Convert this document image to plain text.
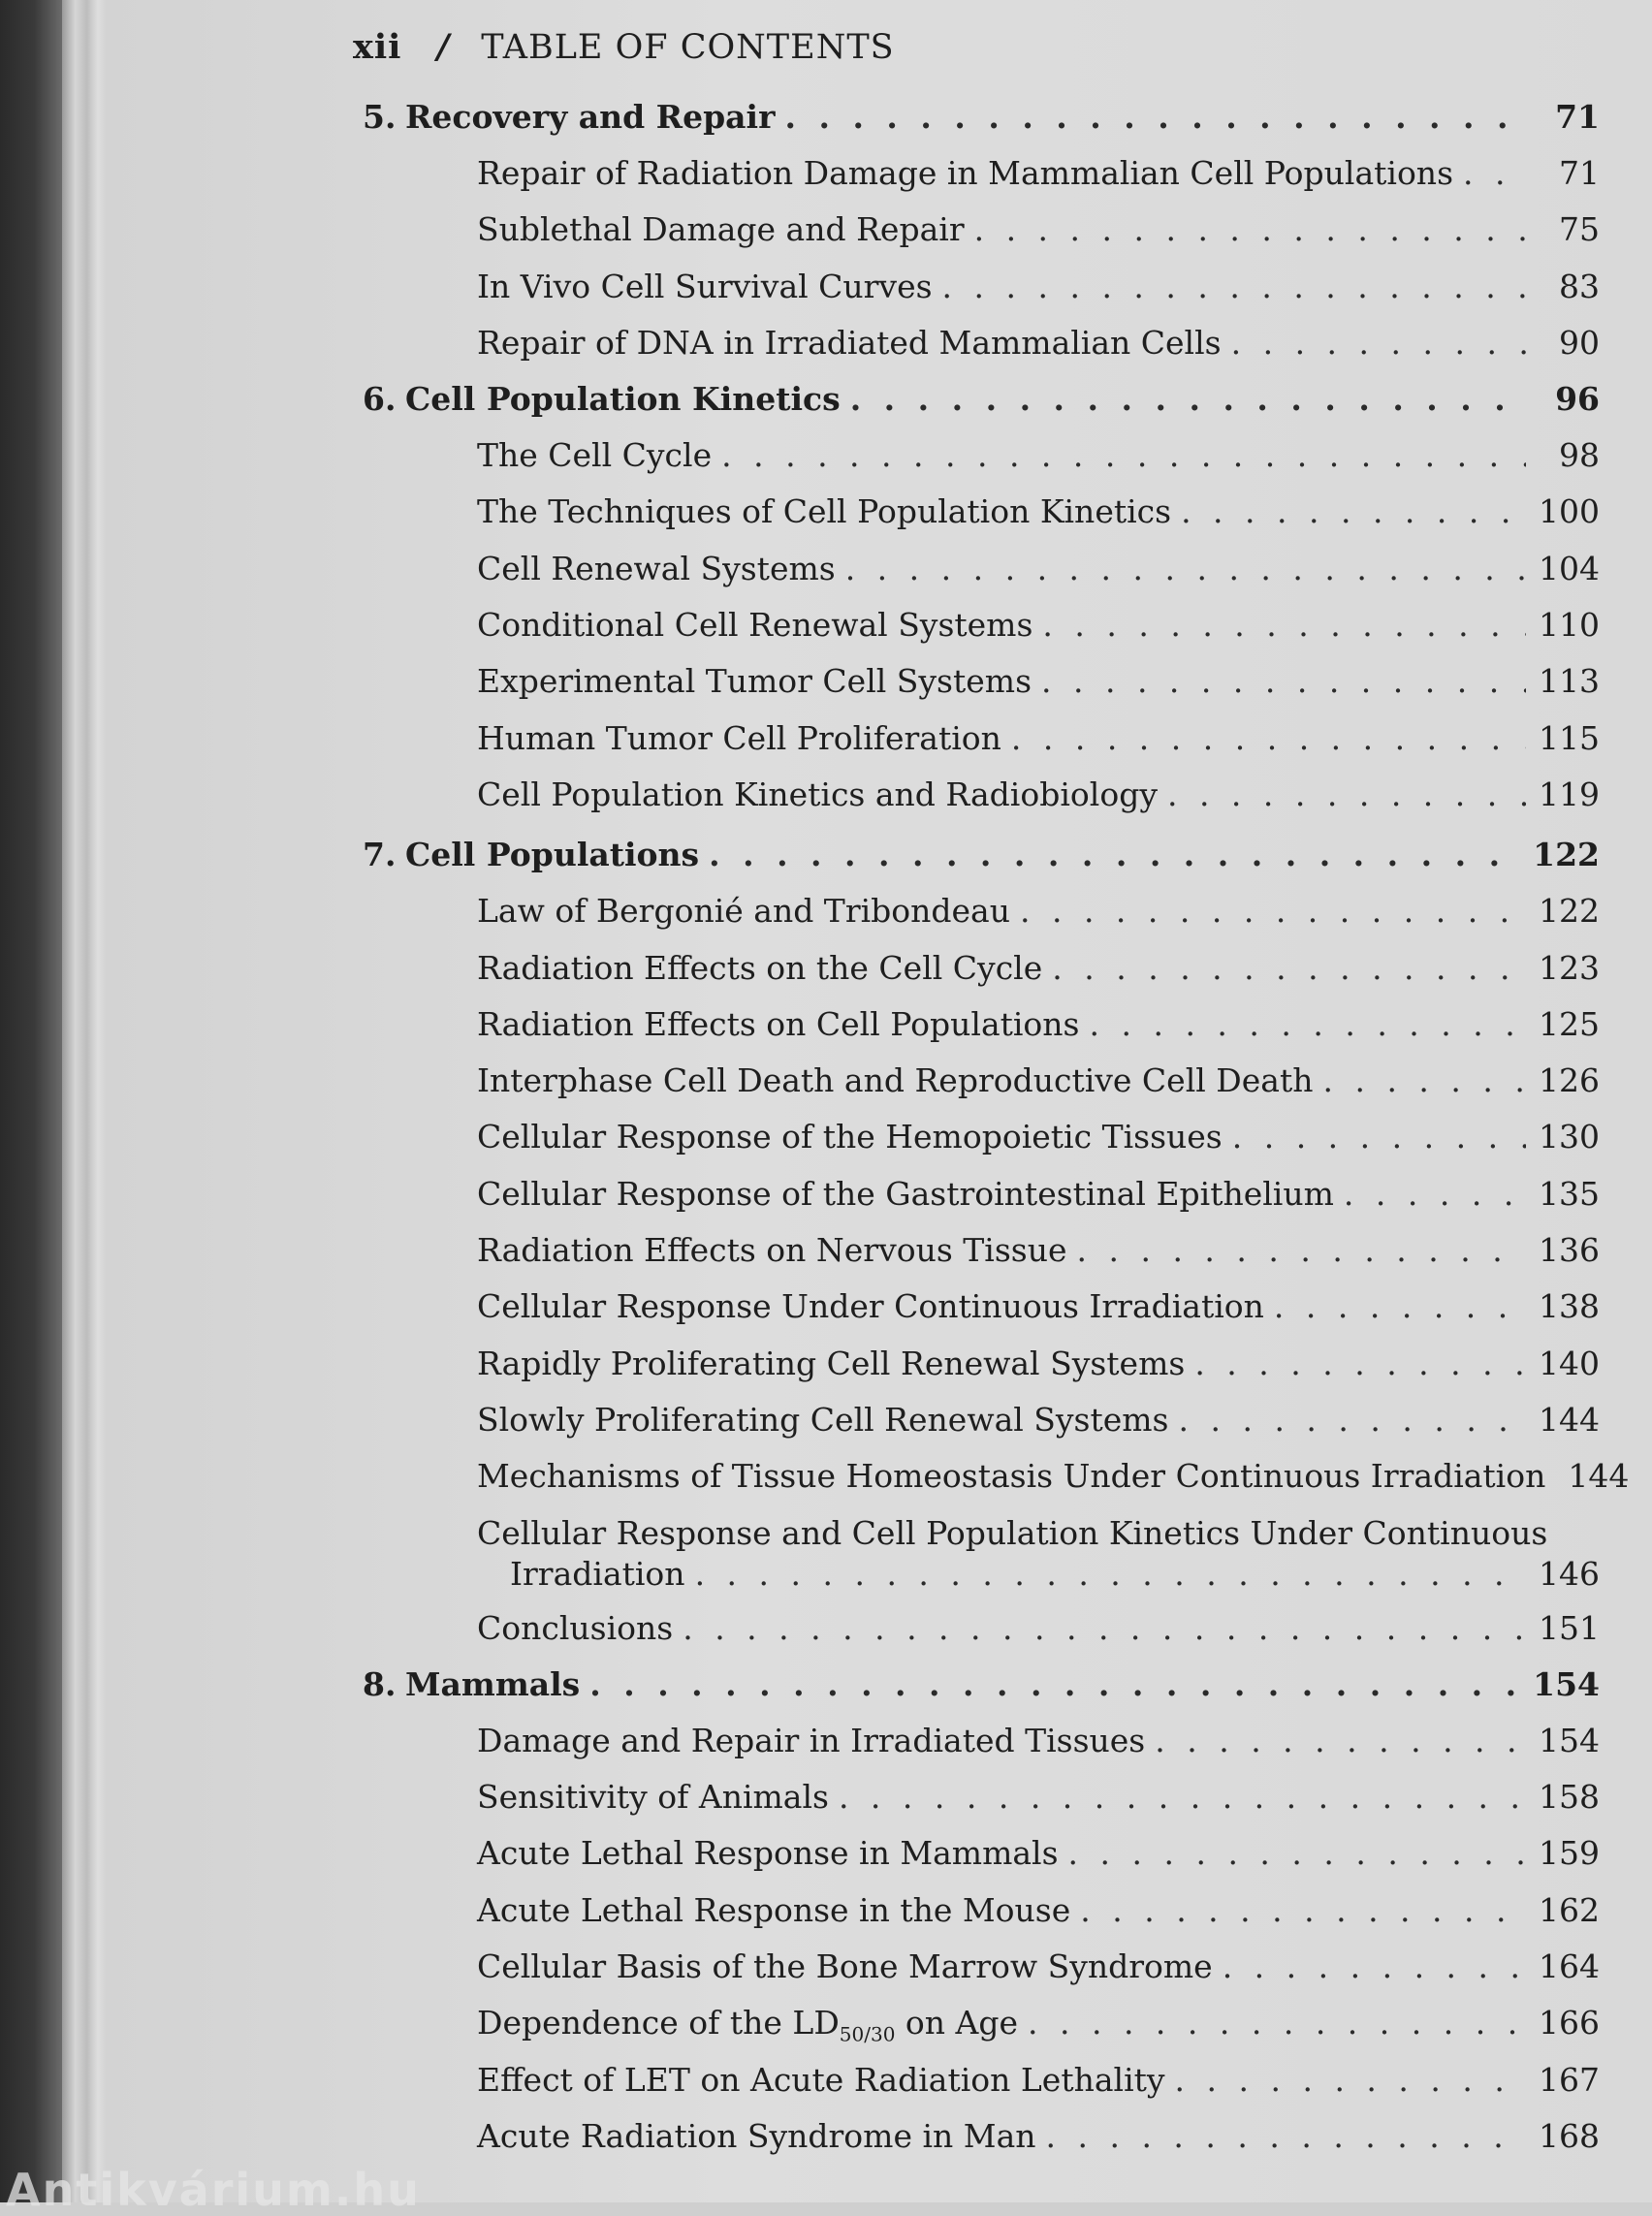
Antikvárium.hu
xii / TABLE OF CONTENTS
5. Recovery and Repair . . .	71
Repair of Radiation Damage in Mammalian Cell Populations . . .	71
Sublethal Damage and Repair . . .	75
In Vivo Cell Survival Curves . . .	83
Repair of DNA in Irradiated Mammalian Cells . . .	90
6. Cell Population Kinetics . . .	96
The Cell Cycle . . .	98
The Techniques of Cell Population Kinetics . . .	100
Cell Renewal Systems . . .	104
Conditional Cell Renewal Systems . . .	110
Experimental Tumor Cell Systems . . .	113
Human Tumor Cell Proliferation . . .	115
Cell Population Kinetics and Radiobiology . . .	119
7. Cell Populations . . .	122
Law of Bergonié and Tribondeau . . .	122
Radiation Effects on the Cell Cycle . . .	123
Radiation Effects on Cell Populations . . .	125
Interphase Cell Death and Reproductive Cell Death . . .	126
Cellular Response of the Hemopoietic Tissues . . .	130
Cellular Response of the Gastrointestinal Epithelium . . .	135
Radiation Effects on Nervous Tissue . . .	136
Cellular Response Under Continuous Irradiation . . .	138
Rapidly Proliferating Cell Renewal Systems . . .	140
Slowly Proliferating Cell Renewal Systems . . .	144
Mechanisms of Tissue Homeostasis Under Continuous Irradiation 144
Cellular Response and Cell Population Kinetics Under Continuous
Irradiation . . .	146
Conclusions . . .	151
8. Mammals . . .	154
Damage and Repair in Irradiated Tissues . . .	154
Sensitivity of Animals . . .	158
Acute Lethal Response in Mammals . . .	159
Acute Lethal Response in the Mouse . . .	162
Cellular Basis of the Bone Marrow Syndrome . . .	164
Dependence of the $LD_{50/30}$ on Age . . .	166
Effect of LET on Acute Radiation Lethality . . .	167
Acute Radiation Syndrome in Man . . .	168
